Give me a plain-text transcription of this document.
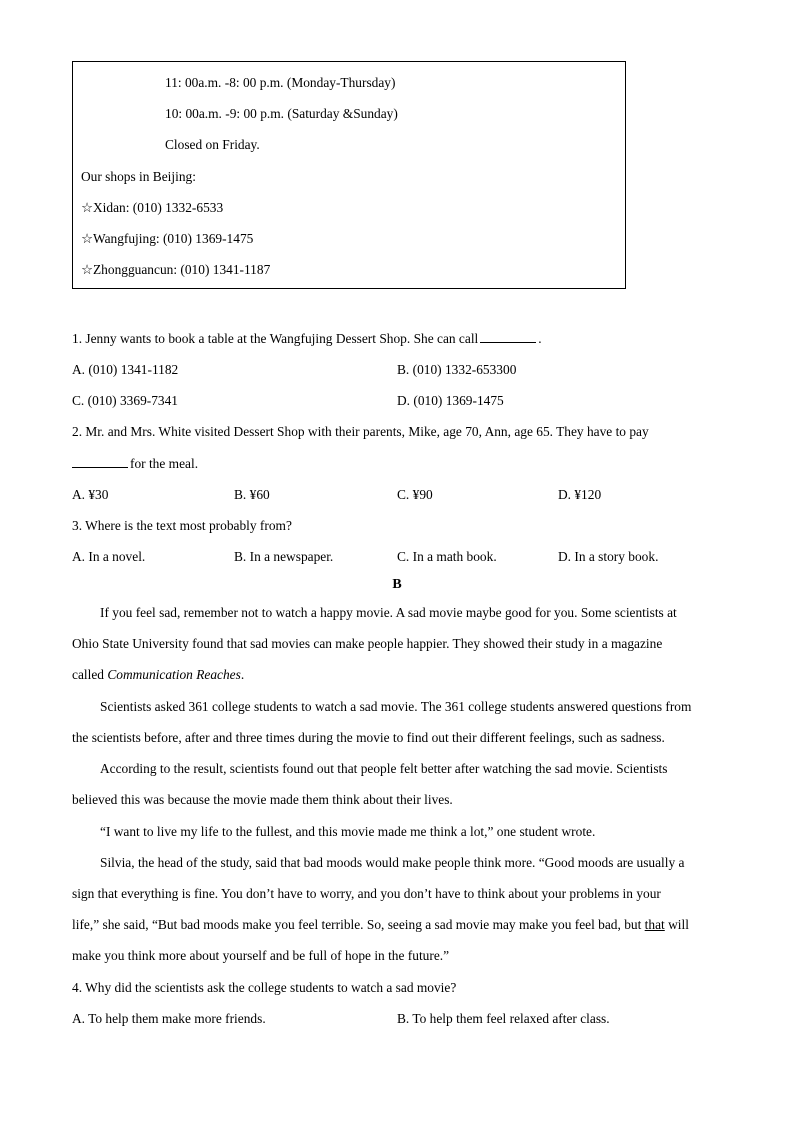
11: 00a.m. -8: 00 p.m. (Monday-Thursday)
10: 00a.m. -9: 00 p.m. (Saturday &Sunday)
Closed on Friday.
Our shops in Beijing:
☆Xidan: (010) 1332-6533
☆Wangfujing: (010) 1369-1475
☆Zhongguancun: (010) 1341-1187
1. Jenny wants to book a table at the Wangfujing Dessert Shop. She can call	.
A. (010) 1341-1182	B. (010) 1332-653300
C. (010) 3369-7341	D. (010) 1369-1475
2. Mr. and Mrs. White visited Dessert Shop with their parents, Mike, age 70, Ann, age 65. They have to pay
for the meal.
A. ¥30	B. ¥60	C. ¥90	D. ¥120
3. Where is the text most probably from?
A. In a novel.	B. In a newspaper.	C. In a math book.	D. In a story book.
B
If you feel sad, remember not to watch a happy movie. A sad movie maybe good for you. Some scientists at
Ohio State University found that sad movies can make people happier. They showed their study in a magazine
called Communication Reaches.
Scientists asked 361 college students to watch a sad movie. The 361 college students answered questions from
the scientists before, after and three times during the movie to find out their different feelings, such as sadness.
According to the result, scientists found out that people felt better after watching the sad movie. Scientists
believed this was because the movie made them think about their lives.
“I want to live my life to the fullest, and this movie made me think a lot,” one student wrote.
Silvia, the head of the study, said that bad moods would make people think more. “Good moods are usually a
sign that everything is fine. You don’t have to worry, and you don’t have to think about your problems in your
life,” she said, “But bad moods make you feel terrible. So, seeing a sad movie may make you feel bad, but that will
make you think more about yourself and be full of hope in the future.”
4. Why did the scientists ask the college students to watch a sad movie?
A. To help them make more friends.	B. To help them feel relaxed after class.
